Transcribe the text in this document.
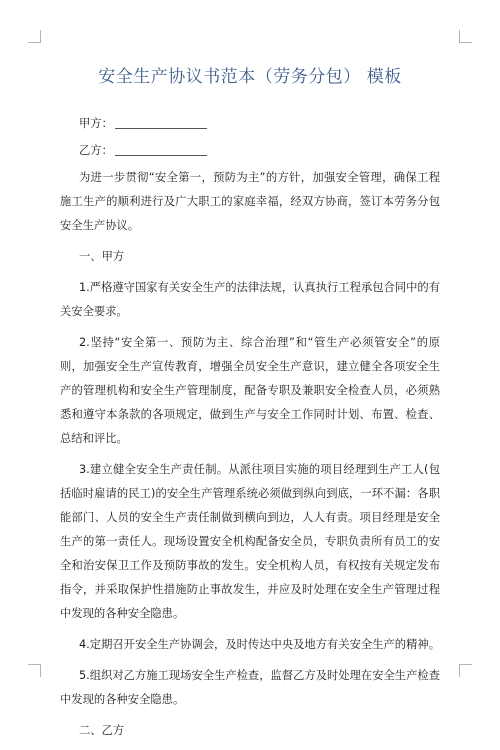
安全生产协议书范本（劳务分包） 模板

甲方：

乙方：

为进一步贯彻“安全第一，预防为主”的方针，加强安全管理，确保工程施工生产的顺利进行及广大职工的家庭幸福，经双方协商，签订本劳务分包安全生产协议。

一、甲方

1.严格遵守国家有关安全生产的法律法规，认真执行工程承包合同中的有关安全要求。

2.坚持“安全第一、预防为主、综合治理”和“管生产必须管安全”的原则，加强安全生产宣传教育，增强全员安全生产意识，建立健全各项安全生产的管理机构和安全生产管理制度，配备专职及兼职安全检查人员，必须熟悉和遵守本条款的各项规定，做到生产与安全工作同时计划、布置、检查、总结和评比。

3.建立健全安全生产责任制。从派往项目实施的项目经理到生产工人(包括临时雇请的民工)的安全生产管理系统必须做到纵向到底，一环不漏：各职能部门、人员的安全生产责任制做到横向到边，人人有责。项目经理是安全生产的第一责任人。现场设置安全机构配备安全员，专职负责所有员工的安全和治安保卫工作及预防事故的发生。安全机构人员，有权按有关规定发布指令，并采取保护性措施防止事故发生，并应及时处理在安全生产管理过程中发现的各种安全隐患。

4.定期召开安全生产协调会，及时传达中央及地方有关安全生产的精神。

5.组织对乙方施工现场安全生产检查，监督乙方及时处理在安全生产检查中发现的各种安全隐患。

二、乙方
